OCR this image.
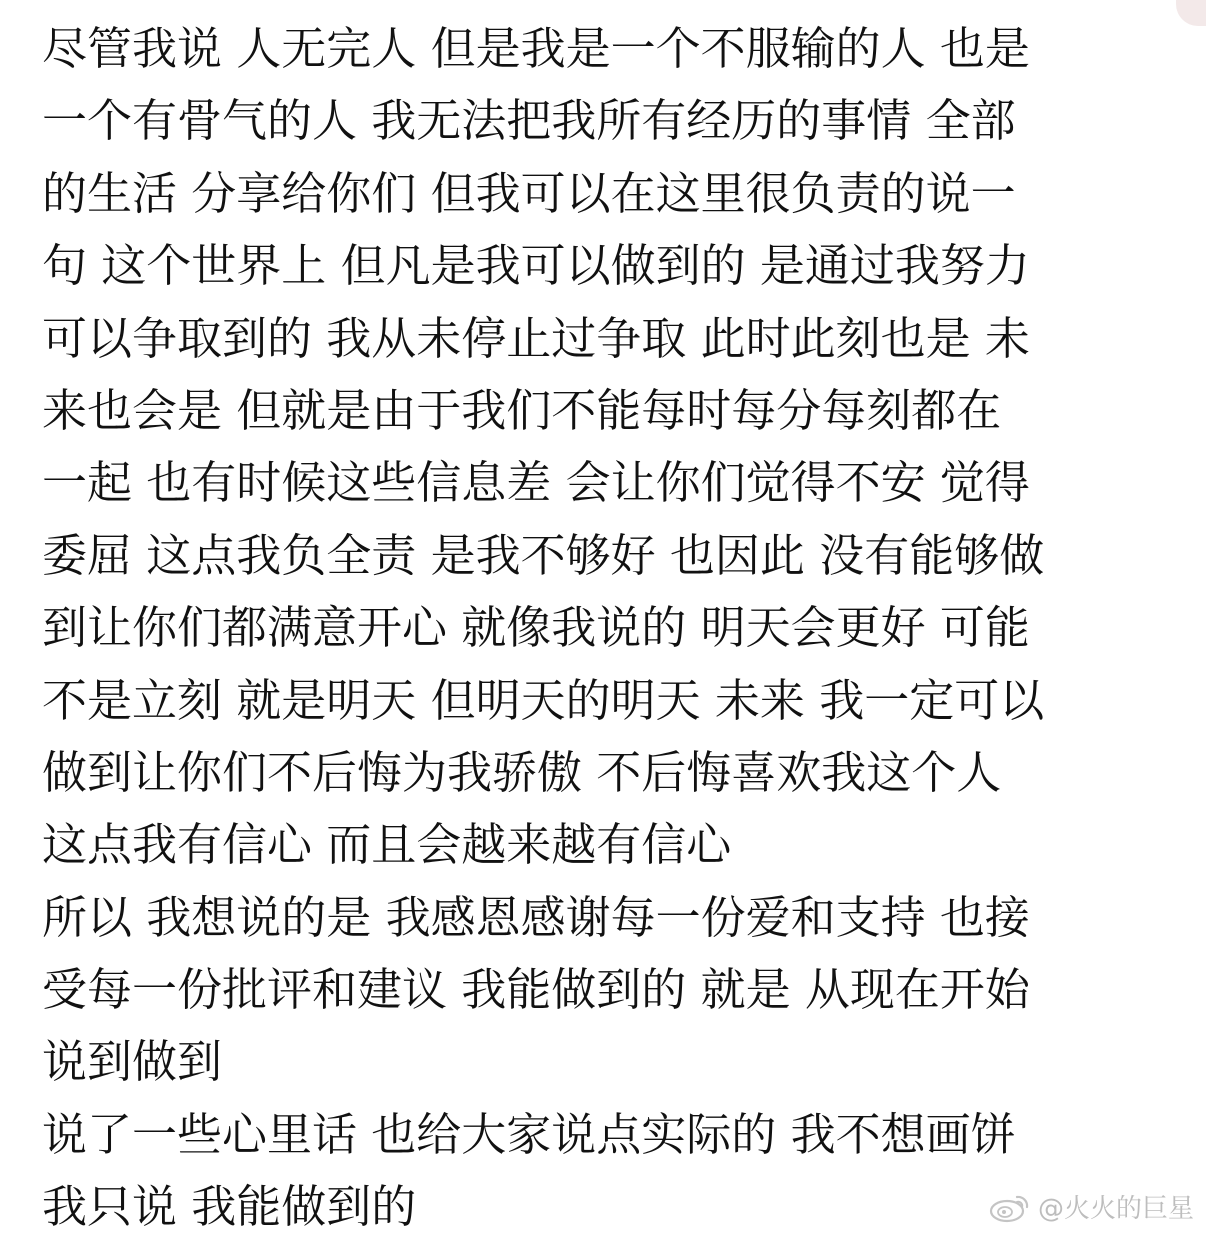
尽管我说 人无完人 但是我是一个不服输的人 也是
一个有骨气的人 我无法把我所有经历的事情 全部
的生活 分享给你们 但我可以在这里很负责的说一
句 这个世界上 但凡是我可以做到的 是通过我努力
可以争取到的 我从未停止过争取 此时此刻也是 未
来也会是 但就是由于我们不能每时每分每刻都在
一起 也有时候这些信息差 会让你们觉得不安 觉得
委屈 这点我负全责 是我不够好 也因此 没有能够做
到让你们都满意开心 就像我说的 明天会更好 可能
不是立刻 就是明天 但明天的明天 未来 我一定可以
做到让你们不后悔为我骄傲 不后悔喜欢我这个人
这点我有信心 而且会越来越有信心
所以 我想说的是 我感恩感谢每一份爱和支持 也接
受每一份批评和建议 我能做到的 就是 从现在开始
说到做到
说了一些心里话 也给大家说点实际的 我不想画饼
我只说 我能做到的	@火火的巨星
